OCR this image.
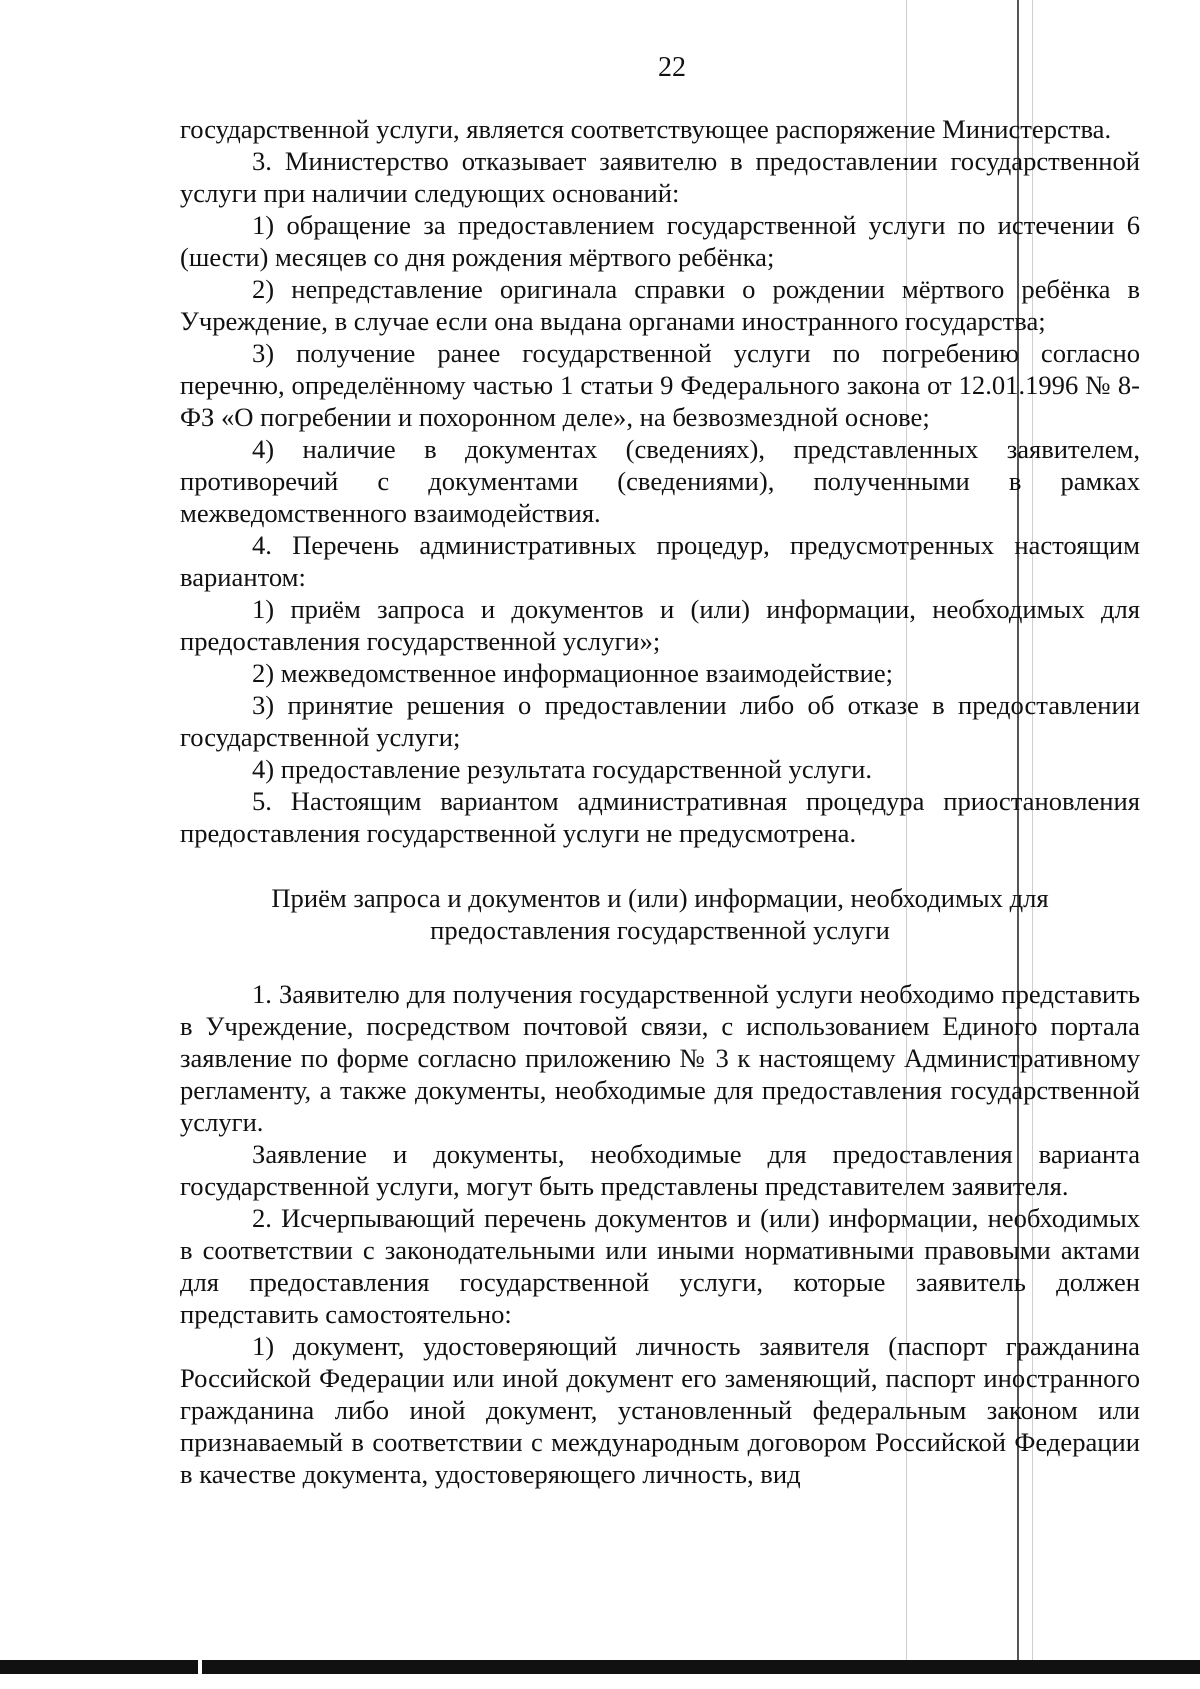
22

государственной услуги, является соответствующее распоряжение Министерства.

3. Министерство отказывает заявителю в предоставлении государственной услуги при наличии следующих оснований:

1) обращение за предоставлением государственной услуги по истечении 6 (шести) месяцев со дня рождения мёртвого ребёнка;

2) непредставление оригинала справки о рождении мёртвого ребёнка в Учреждение, в случае если она выдана органами иностранного государства;

3) получение ранее государственной услуги по погребению согласно перечню, определённому частью 1 статьи 9 Федерального закона от 12.01.1996 № 8-ФЗ «О погребении и похоронном деле», на безвозмездной основе;

4) наличие в документах (сведениях), представленных заявителем, противоречий с документами (сведениями), полученными в рамках межведомственного взаимодействия.

4. Перечень административных процедур, предусмотренных настоящим вариантом:

1) приём запроса и документов и (или) информации, необходимых для предоставления государственной услуги»;

2) межведомственное информационное взаимодействие;

3) принятие решения о предоставлении либо об отказе в предоставлении государственной услуги;

4) предоставление результата государственной услуги.

5. Настоящим вариантом административная процедура приостановления предоставления государственной услуги не предусмотрена.

Приём запроса и документов и (или) информации, необходимых для предоставления государственной услуги

1. Заявителю для получения государственной услуги необходимо представить в Учреждение, посредством почтовой связи, с использованием Единого портала заявление по форме согласно приложению № 3 к настоящему Административному регламенту, а также документы, необходимые для предоставления государственной услуги.

Заявление и документы, необходимые для предоставления варианта государственной услуги, могут быть представлены представителем заявителя.

2. Исчерпывающий перечень документов и (или) информации, необходимых в соответствии с законодательными или иными нормативными правовыми актами для предоставления государственной услуги, которые заявитель должен представить самостоятельно:

1) документ, удостоверяющий личность заявителя (паспорт гражданина Российской Федерации или иной документ его заменяющий, паспорт иностранного гражданина либо иной документ, установленный федеральным законом или признаваемый в соответствии с международным договором Российской Федерации в качестве документа, удостоверяющего личность, вид
